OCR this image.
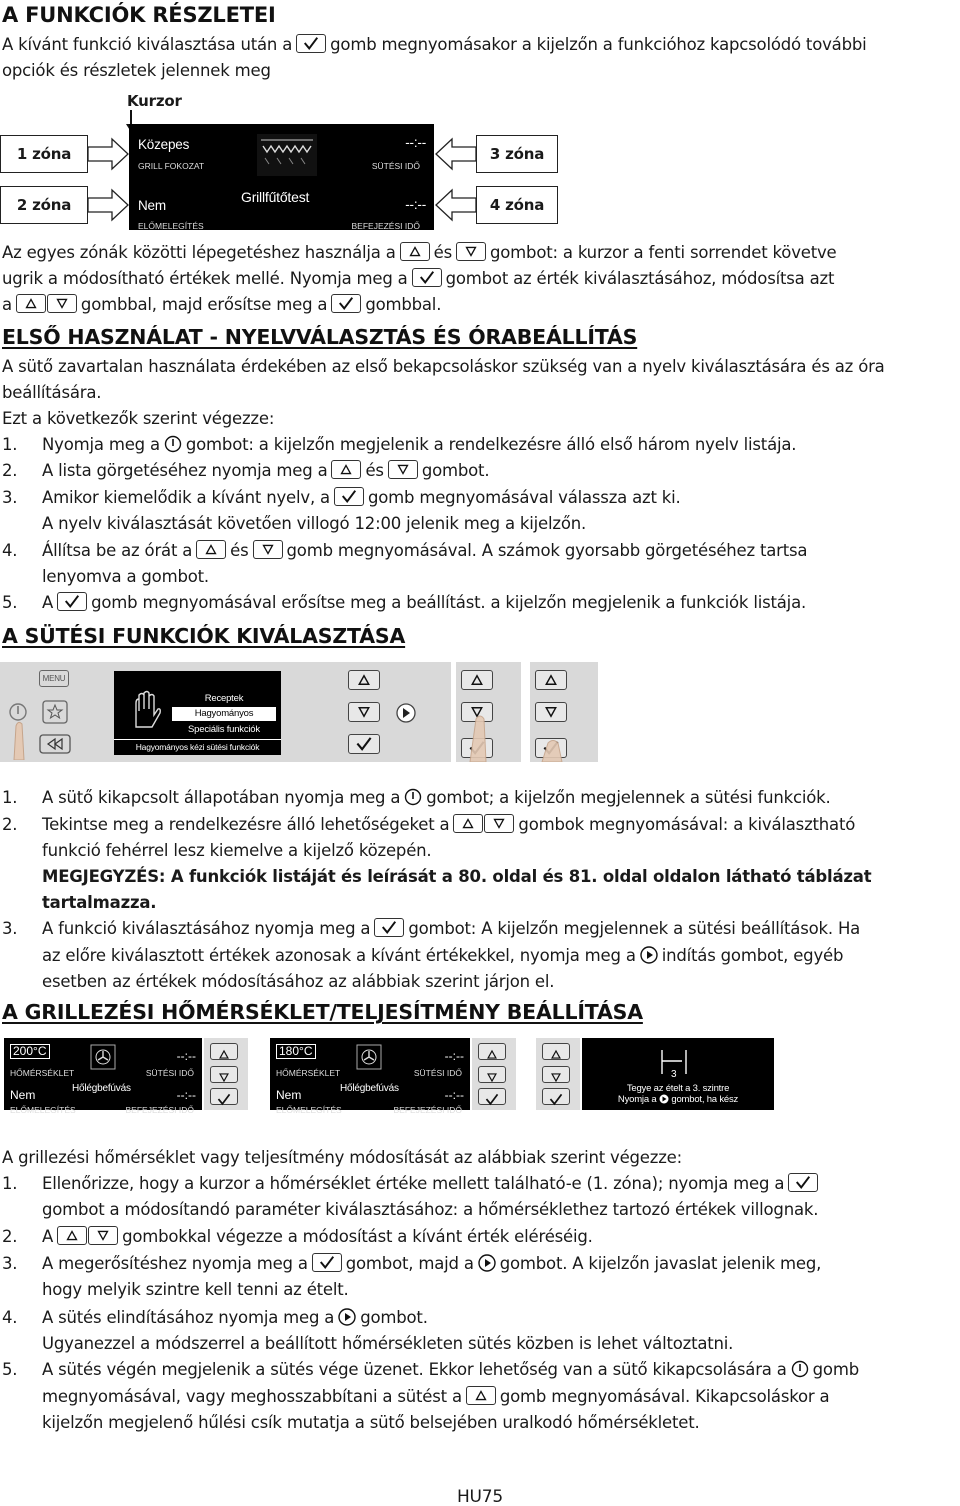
A FUNKCIÓK RÉSZLETEI
A kívánt funkció kiválasztása után a gomb megnyomásakor a kijelzőn a funkcióhoz kapcsolódó további
opciók és részletek jelennek meg
Kurzor
1 zóna
2 zóna
3 zóna
4 zóna
Közepes
GRILL FOKOZAT
--:--
SÜTÉSI IDŐ
Grillfűtőtest
Nem
ELŐMELEGÍTÉS
--:--
BEFEJEZÉSI IDŐ
Az egyes zónák közötti lépegetéshez használja a és gombot: a kurzor a fenti sorrendet követve
ugrik a módosítható értékek mellé. Nyomja meg a gombot az érték kiválasztásához, módosítsa azt
a	gombbal, majd erősítse meg a gombbal.
ELSŐ HASZNÁLAT - NYELVVÁLASZTÁS ÉS ÓRABEÁLLÍTÁS
A sütő zavartalan használata érdekében az első bekapcsoláskor szükség van a nyelv kiválasztására és az óra
beállítására.
Ezt a következők szerint végezze:
1. Nyomja meg a gombot: a kijelzőn megjelenik a rendelkezésre álló első három nyelv listája.
2. A lista görgetéséhez nyomja meg a és gombot.
3. Amikor kiemelődik a kívánt nyelv, a gomb megnyomásával válassza azt ki.
A nyelv kiválasztását követően villogó 12:00 jelenik meg a kijelzőn.
4. Állítsa be az órát a és gomb megnyomásával. A számok gyorsabb görgetéséhez tartsa
lenyomva a gombot.
5. A gomb megnyomásával erősítse meg a beállítást. a kijelzőn megjelenik a funkciók listája.
A SÜTÉSI FUNKCIÓK KIVÁLASZTÁSA
MENU
Receptek
Hagyományos
Speciális funkciók
Hagyományos kézi sütési funkciók
1. A sütő kikapcsolt állapotában nyomja meg a gombot; a kijelzőn megjelennek a sütési funkciók.
2. Tekintse meg a rendelkezésre álló lehetőségeket a	gombok megnyomásával: a kiválasztható
funkció fehérrel lesz kiemelve a kijelző közepén.
MEGJEGYZÉS: A funkciók listáját és leírását a 80. oldal és 81. oldal oldalon látható táblázat
tartalmazza.
3. A funkció kiválasztásához nyomja meg a gombot: A kijelzőn megjelennek a sütési beállítások. Ha
az előre kiválasztott értékek azonosak a kívánt értékekkel, nyomja meg a indítás gombot, egyéb
esetben az értékek módosításához az alábbiak szerint járjon el.
A GRILLEZÉSI HŐMÉRSÉKLET/TELJESÍTMÉNY BEÁLLÍTÁSA
200°C
HŐMÉRSÉKLET
--:--
SÜTÉSI IDŐ
Hőlégbefúvás
Nem
ELŐMELEGÍTÉS
--:--
BEFEJEZÉSI IDŐ
180°C
HŐMÉRSÉKLET
--:--
SÜTÉSI IDŐ
Hőlégbefúvás
Nem
ELŐMELEGÍTÉS
--:--
BEFEJEZÉSI IDŐ
3
Tegye az ételt a 3. szintre
Nyomja a gombot, ha kész
A grillezési hőmérséklet vagy teljesítmény módosítását az alábbiak szerint végezze:
1. Ellenőrizze, hogy a kurzor a hőmérséklet értéke mellett található-e (1. zóna); nyomja meg a
gombot a módosítandó paraméter kiválasztásához: a hőmérséklethez tartozó értékek villognak.
2. A	gombokkal végezze a módosítást a kívánt érték eléréséig.
3. A megerősítéshez nyomja meg a gombot, majd a gombot. A kijelzőn javaslat jelenik meg,
hogy melyik szintre kell tenni az ételt.
4. A sütés elindításához nyomja meg a gombot.
Ugyanezzel a módszerrel a beállított hőmérsékleten sütés közben is lehet változtatni.
5. A sütés végén megjelenik a sütés vége üzenet. Ekkor lehetőség van a sütő kikapcsolására a gomb
megnyomásával, vagy meghosszabbítani a sütést a gomb megnyomásával. Kikapcsoláskor a
kijelzőn megjelenő hűlési csík mutatja a sütő belsejében uralkodó hőmérsékletet.
HU75
